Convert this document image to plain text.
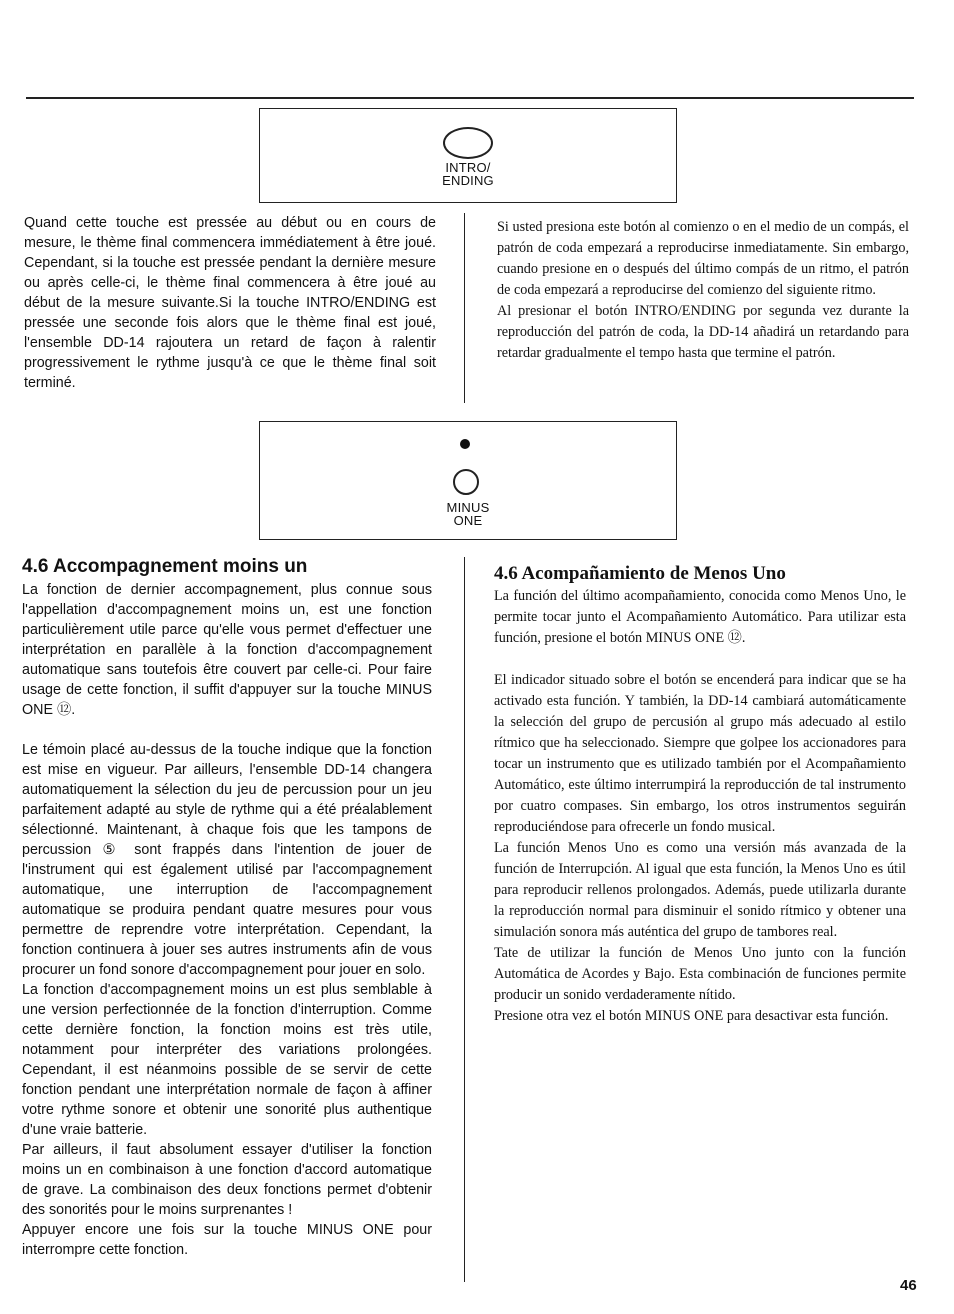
INTRO/
ENDING

Quand cette touche est pressée au début ou en cours de mesure, le thème final commencera immédiatement à être joué. Cependant, si la touche est pressée pendant la dernière mesure ou après celle-ci, le thème final commencera à être joué au début de la mesure suivante.Si la touche INTRO/ENDING est pressée une seconde fois alors que le thème final est joué, l'ensemble DD-14 rajoutera un retard de façon à ralentir progressivement le rythme jusqu'à ce que le thème final soit terminé.

Si usted presiona este botón al comienzo o en el medio de un compás, el patrón de coda empezará a reproducirse inmediatamente. Sin embargo, cuando presione en o después del último compás de un ritmo, el patrón de coda empezará a reproducirse del comienzo del siguiente ritmo.

Al presionar el botón INTRO/ENDING por segunda vez durante la reproducción del patrón de coda, la DD-14 añadirá un retardando para retardar gradualmente el tempo hasta que termine el patrón.

MINUS
ONE
4.6 Accompagnement moins un

La fonction de dernier accompagnement, plus connue sous l'appellation d'accompagnement moins un, est une fonction particulièrement utile parce qu'elle vous permet d'effectuer une interprétation en parallèle à la fonction d'accompagnement automatique sans toutefois être couvert par celle-ci. Pour faire usage de cette fonction, il suffit d'appuyer sur la touche MINUS ONE ⑫.

Le témoin placé au-dessus de la touche indique que la fonction est mise en vigueur. Par ailleurs, l'ensemble DD-14 changera automatiquement la sélection du jeu de percussion pour un jeu parfaitement adapté au style de rythme qui a été préalablement sélectionné. Maintenant, à chaque fois que les tampons de percussion ⑤ sont frappés dans l'intention de jouer de l'instrument qui est également utilisé par l'accompagnement automatique, une interruption de l'accompagnement automatique se produira pendant quatre mesures pour vous permettre de reprendre votre interprétation. Cependant, la fonction continuera à jouer ses autres instruments afin de vous procurer un fond sonore d'accompagnement pour jouer en solo.

La fonction d'accompagnement moins un est plus semblable à une version perfectionnée de la fonction d'interruption. Comme cette dernière fonction, la fonction moins est très utile, notamment pour interpréter des variations prolongées. Cependant, il est néanmoins possible de se servir de cette fonction pendant une interprétation normale de façon à affiner votre rythme sonore et obtenir une sonorité plus authentique d'une vraie batterie.

Par ailleurs, il faut absolument essayer d'utiliser la fonction moins un en combinaison à une fonction d'accord automatique de grave. La combinaison des deux fonctions permet d'obtenir des sonorités pour le moins surprenantes !

Appuyer encore une fois sur la touche MINUS ONE pour interrompre cette fonction.

4.6 Acompañamiento de Menos Uno

La función del último acompañamiento, conocida como Menos Uno, le permite tocar junto el Acompañamiento Automático. Para utilizar esta función, presione el botón MINUS ONE ⑫.

El indicador situado sobre el botón se encenderá para indicar que se ha activado esta función. Y también, la DD-14 cambiará automáticamente la selección del grupo de percusión al grupo más adecuado al estilo rítmico que ha seleccionado. Siempre que golpee los accionadores para tocar un instrumento que es utilizado también por el Acompañamiento Automático, este último interrumpirá la reproducción de tal instrumento por cuatro compases. Sin embargo, los otros instrumentos seguirán reproduciéndose para ofrecerle un fondo musical.

La función Menos Uno es como una versión más avanzada de la función de Interrupción. Al igual que esta función, la Menos Uno es útil para reproducir rellenos prolongados. Además, puede utilizarla durante la reproducción normal para disminuir el sonido rítmico y obtener una simulación sonora más auténtica del grupo de tambores real.

Tate de utilizar la función de Menos Uno junto con la función Automática de Acordes y Bajo. Esta combinación de funciones permite producir un sonido verdaderamente nítido.

Presione otra vez el botón MINUS ONE para desactivar esta función.

46
